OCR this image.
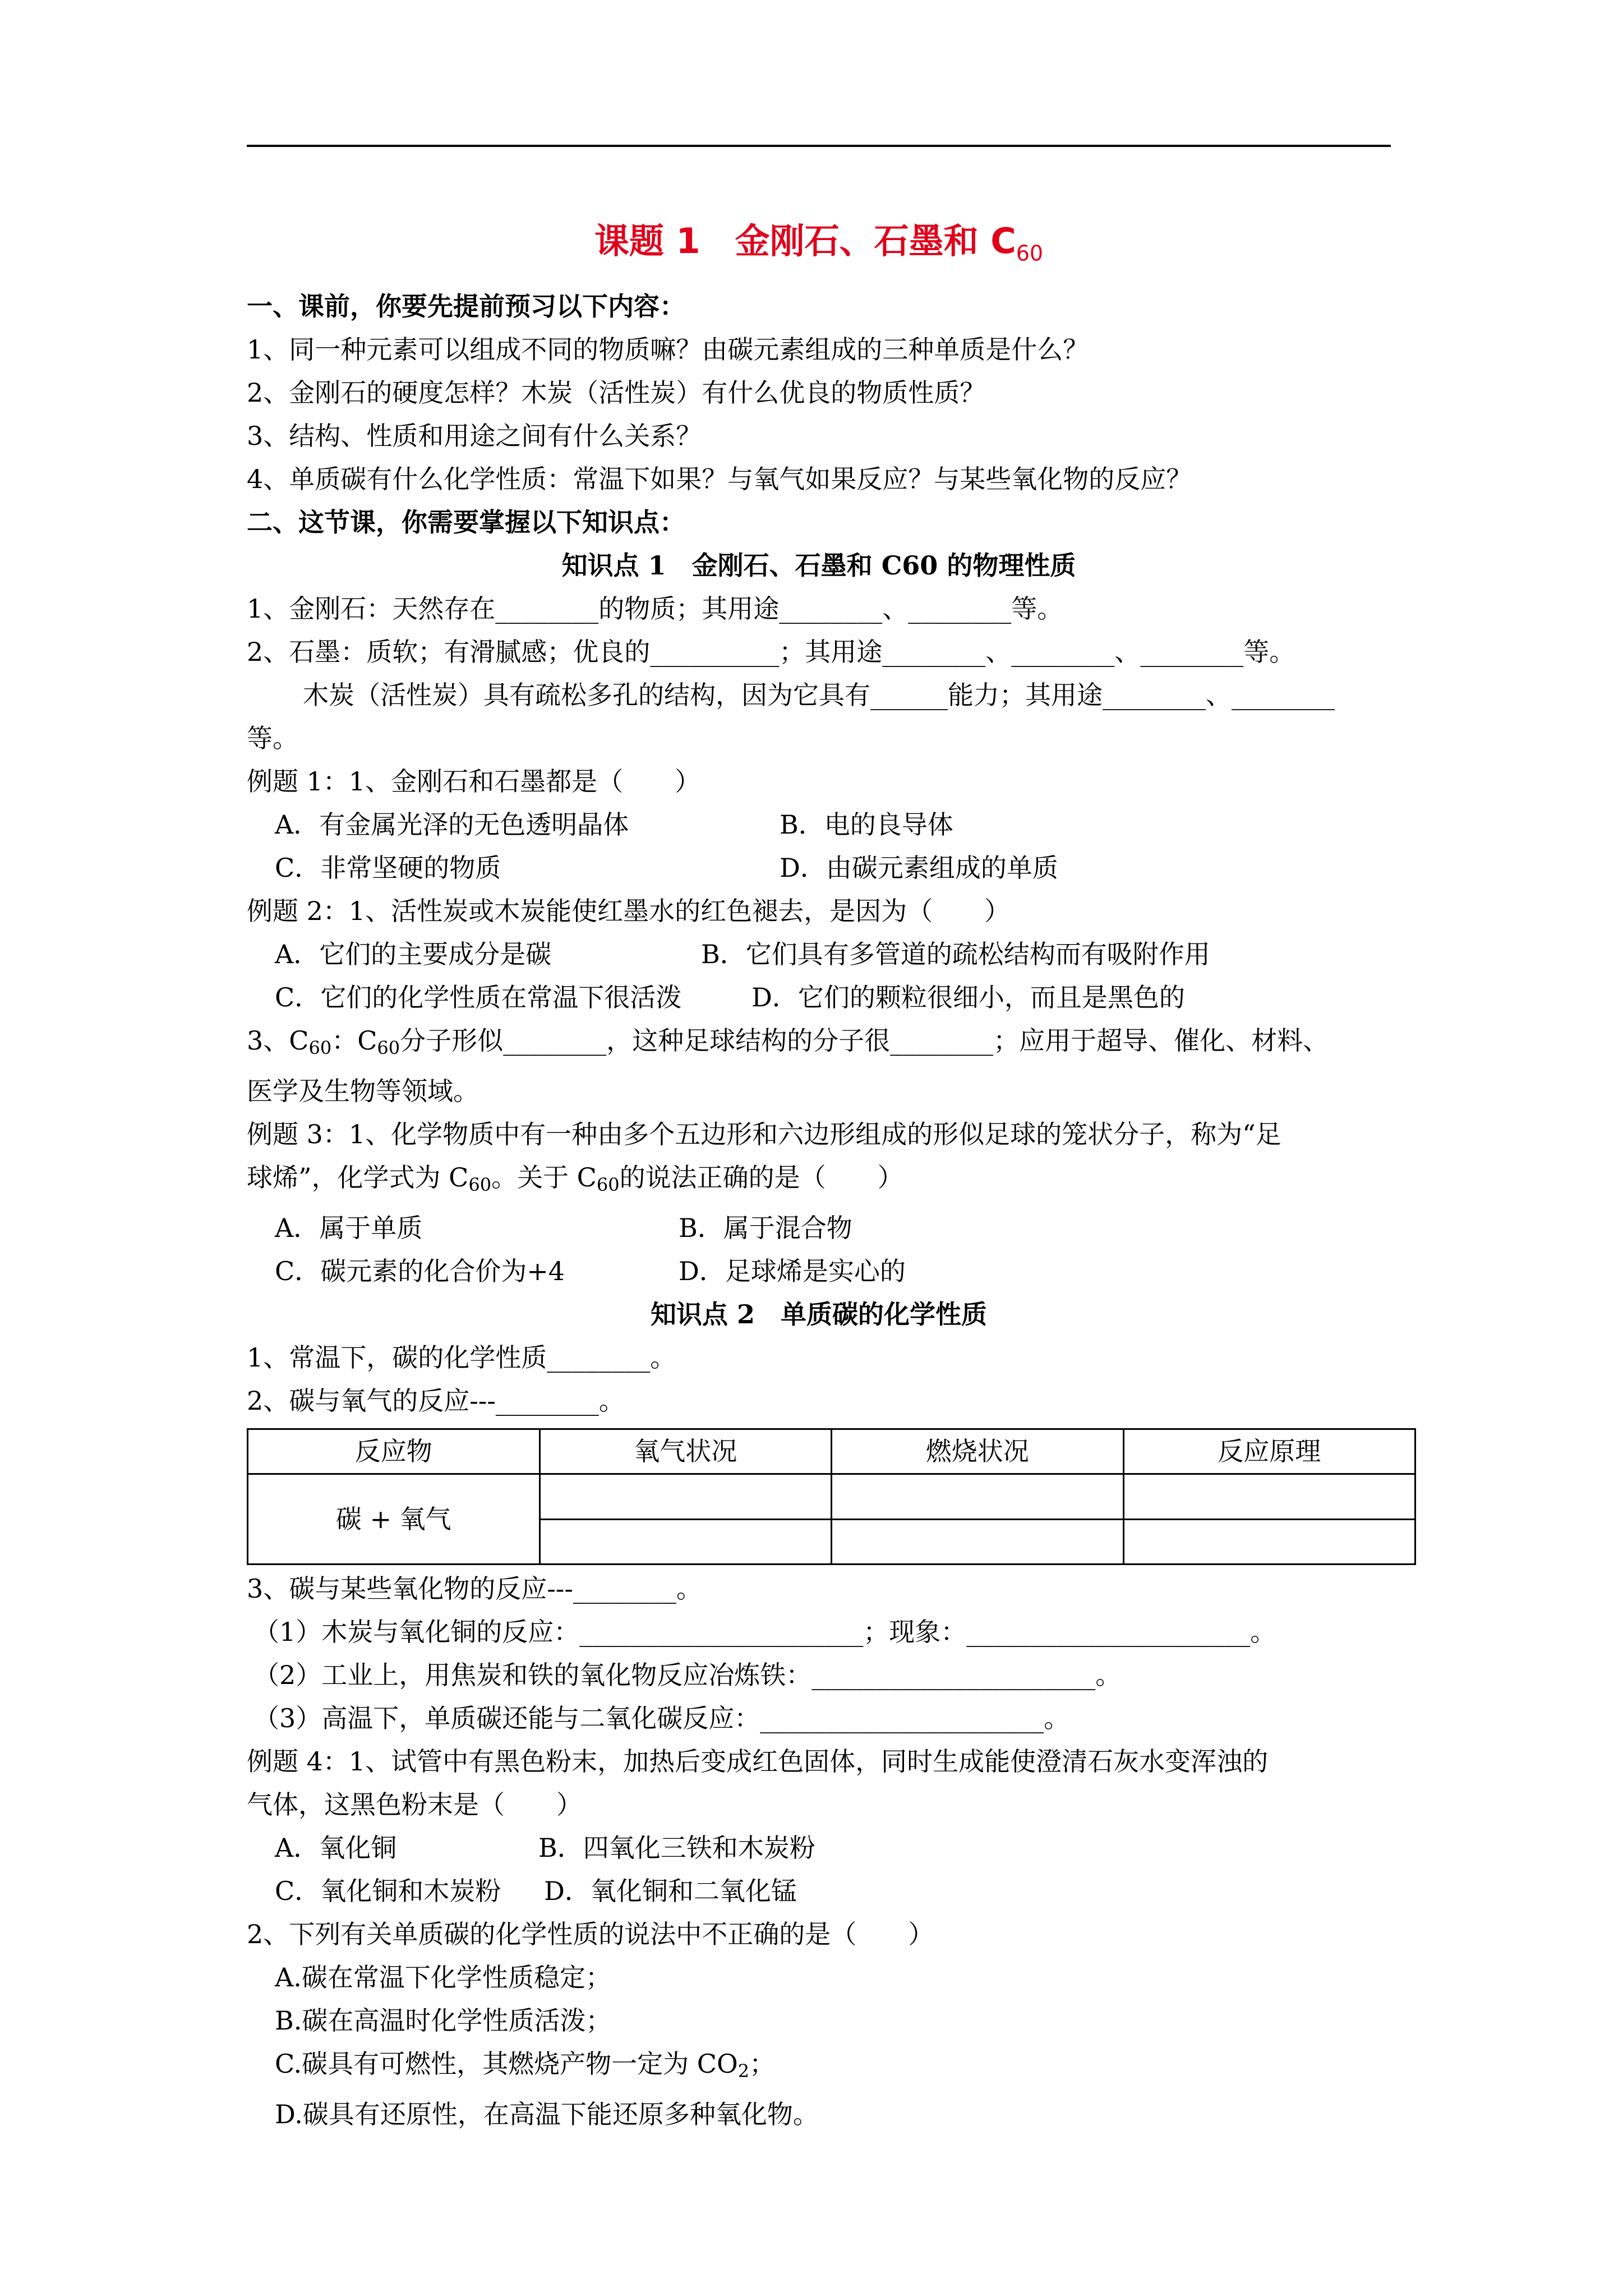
课题 1　金刚石、石墨和 $C_{60}$
一、课前，你要先提前预习以下内容：
1、同一种元素可以组成不同的物质嘛？由碳元素组成的三种单质是什么？
2、金刚石的硬度怎样？木炭（活性炭）有什么优良的物质性质？
3、结构、性质和用途之间有什么关系？
4、单质碳有什么化学性质：常温下如果？与氧气如果反应？与某些氧化物的反应？
二、这节课，你需要掌握以下知识点：
知识点 1　金刚石、石墨和 C60 的物理性质
1、金刚石：天然存在________的物质；其用途________、________等。
2、石墨：质软；有滑腻感；优良的__________；其用途________、________、________等。
木炭（活性炭）具有疏松多孔的结构，因为它具有______能力；其用途________、________
等。
例题 1：1、金刚石和石墨都是（　　）
A．有金属光泽的无色透明晶体	B．电的良导体
C．非常坚硬的物质	D．由碳元素组成的单质
例题 2：1、活性炭或木炭能使红墨水的红色褪去，是因为（　　）
A．它们的主要成分是碳	B．它们具有多管道的疏松结构而有吸附作用
C．它们的化学性质在常温下很活泼	D．它们的颗粒很细小，而且是黑色的
3、$C_{60}$：$C_{60}$分子形似________，这种足球结构的分子很________；应用于超导、催化、材料、
医学及生物等领域。
例题 3：1、化学物质中有一种由多个五边形和六边形组成的形似足球的笼状分子，称为“足
球烯”，化学式为 $C_{60}$。关于 $C_{60}$的说法正确的是（　　）
A．属于单质	B．属于混合物
C．碳元素的化合价为+4	D．足球烯是实心的
知识点 2　单质碳的化学性质
1、常温下，碳的化学性质________。
2、碳与氧气的反应---________。
反应物	氧气状况	燃烧状况	反应原理
碳 + 氧气			

3、碳与某些氧化物的反应---________。
（1）木炭与氧化铜的反应：______________________；现象：______________________。
（2）工业上，用焦炭和铁的氧化物反应冶炼铁：______________________。
（3）高温下，单质碳还能与二氧化碳反应：______________________。
例题 4：1、试管中有黑色粉末，加热后变成红色固体，同时生成能使澄清石灰水变浑浊的
气体，这黑色粉末是（　　）
A．氧化铜	B．四氧化三铁和木炭粉
C．氧化铜和木炭粉 D．氧化铜和二氧化锰
2、下列有关单质碳的化学性质的说法中不正确的是（　　）
A.碳在常温下化学性质稳定；
B.碳在高温时化学性质活泼；
C.碳具有可燃性，其燃烧产物一定为 $CO_2$；
D.碳具有还原性，在高温下能还原多种氧化物。
